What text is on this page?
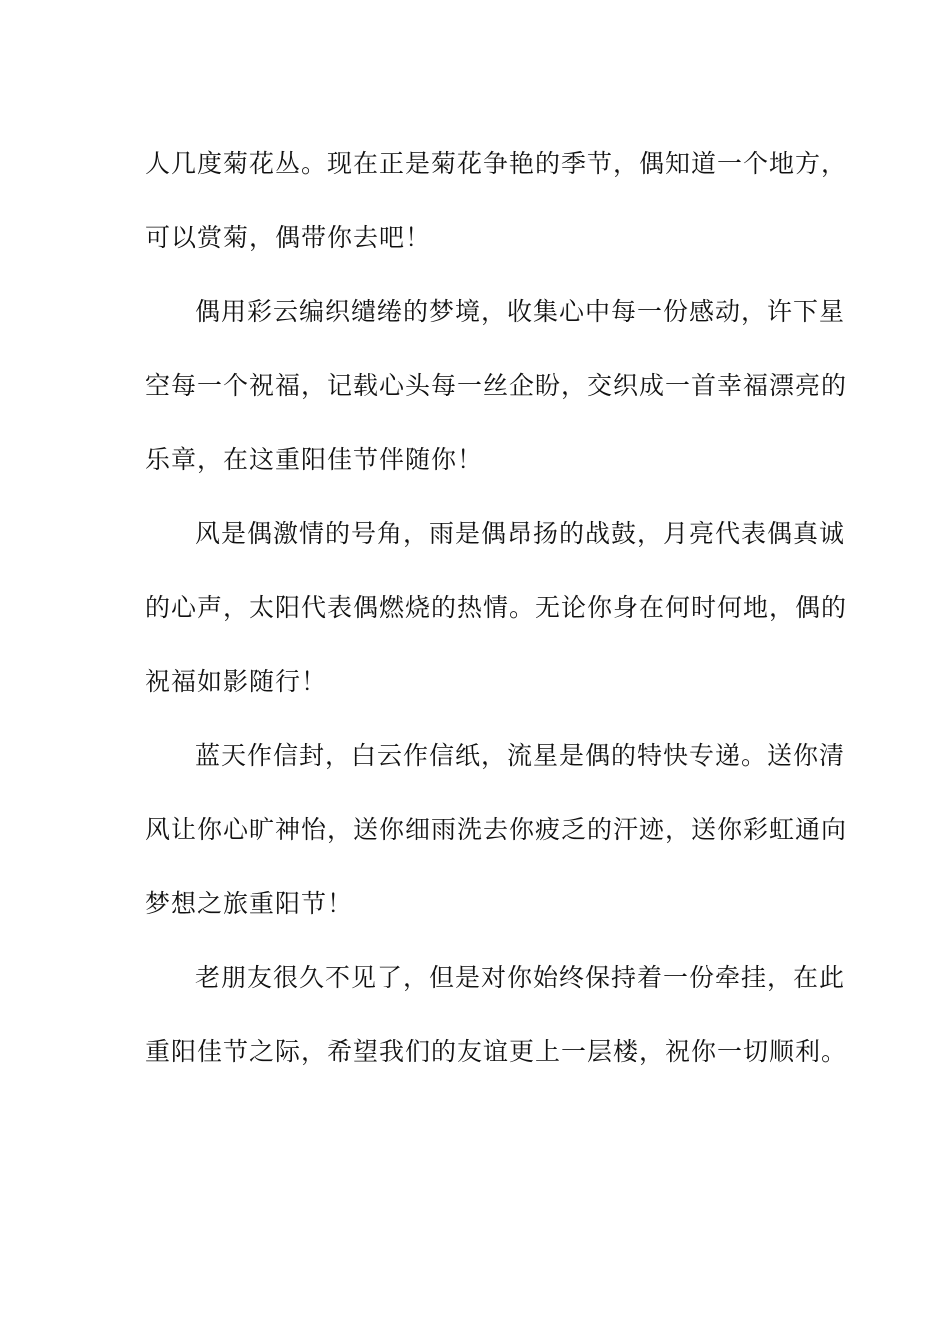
人几度菊花丛。现在正是菊花争艳的季节，偶知道一个地方，
可以赏菊，偶带你去吧！
偶用彩云编织缱绻的梦境，收集心中每一份感动，许下星
空每一个祝福，记载心头每一丝企盼，交织成一首幸福漂亮的
乐章，在这重阳佳节伴随你！
风是偶激情的号角，雨是偶昂扬的战鼓，月亮代表偶真诚
的心声，太阳代表偶燃烧的热情。无论你身在何时何地，偶的
祝福如影随行！
蓝天作信封，白云作信纸，流星是偶的特快专递。送你清
风让你心旷神怡，送你细雨洗去你疲乏的汗迹，送你彩虹通向
梦想之旅重阳节！
老朋友很久不见了，但是对你始终保持着一份牵挂，在此
重阳佳节之际，希望我们的友谊更上一层楼，祝你一切顺利。
